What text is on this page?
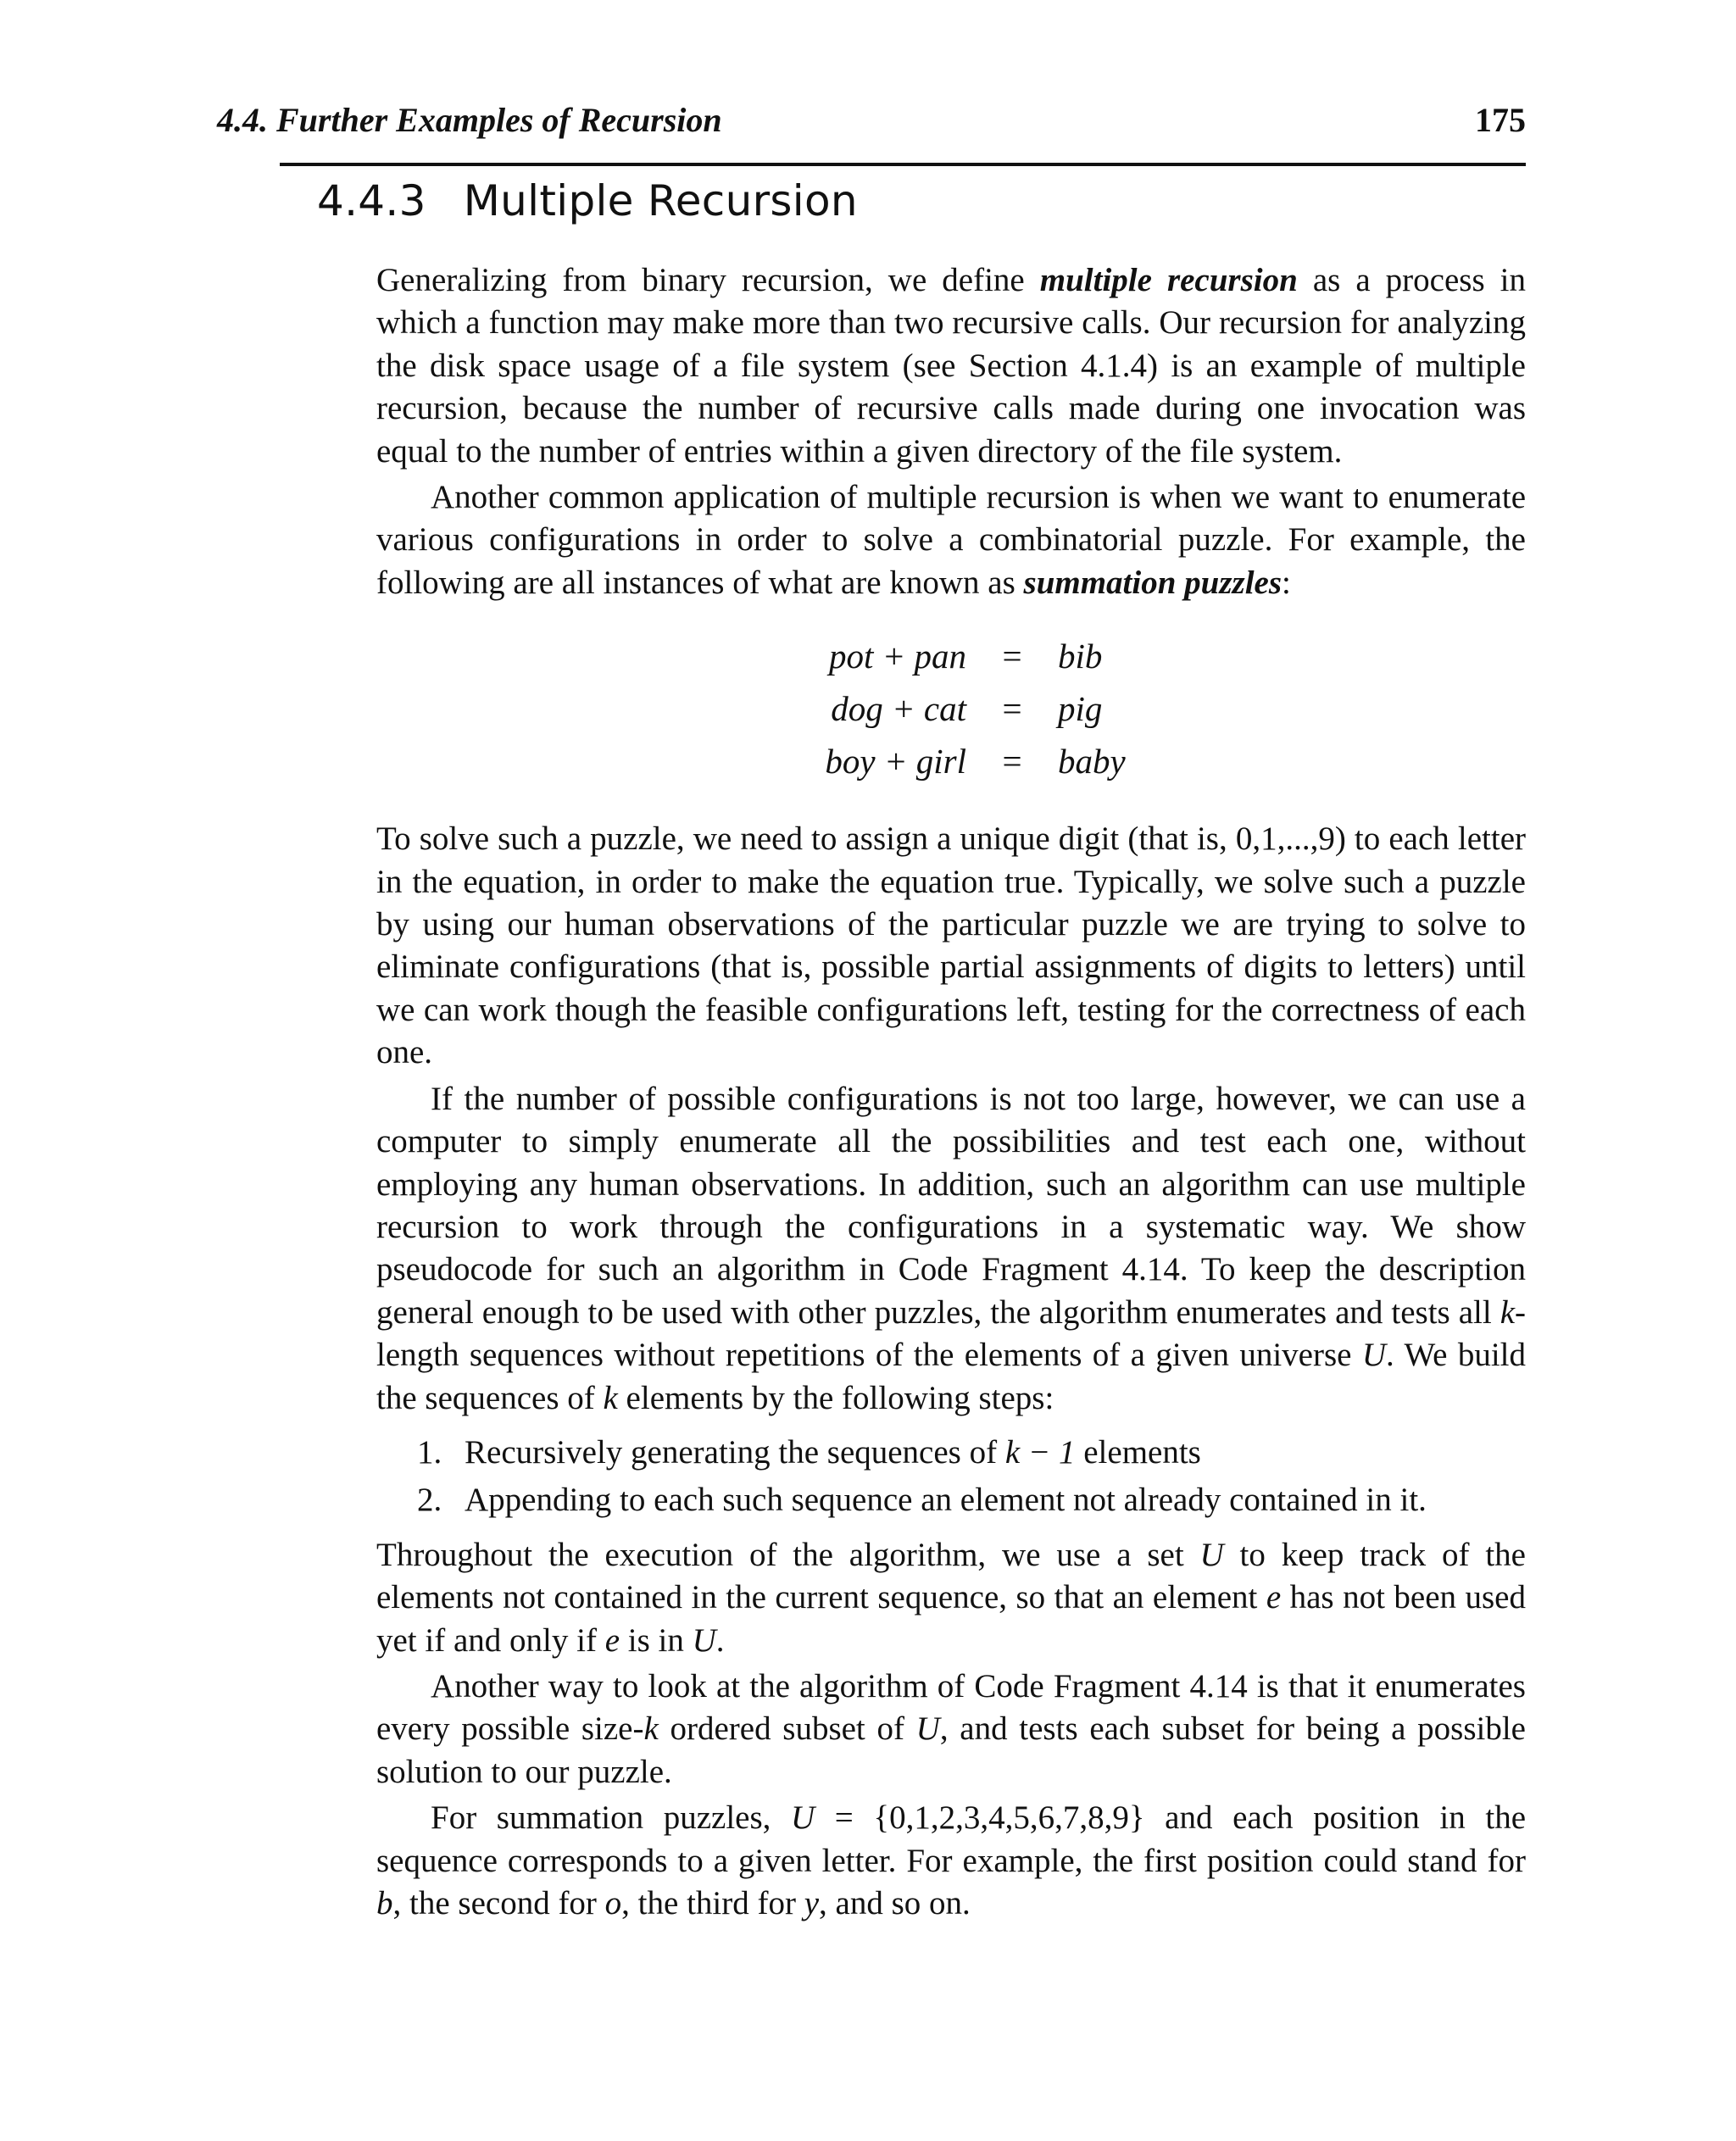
4.4. Further Examples of Recursion	175
4.4.3 Multiple Recursion

Generalizing from binary recursion, we define multiple recursion as a process in which a function may make more than two recursive calls. Our recursion for analyzing the disk space usage of a file system (see Section 4.1.4) is an example of multiple recursion, because the number of recursive calls made during one invocation was equal to the number of entries within a given directory of the file system.

Another common application of multiple recursion is when we want to enumerate various configurations in order to solve a combinatorial puzzle. For example, the following are all instances of what are known as summation puzzles:

pot + pan	=	bib
dog + cat	=	pig
boy + girl	=	baby

To solve such a puzzle, we need to assign a unique digit (that is, 0,1,...,9) to each letter in the equation, in order to make the equation true. Typically, we solve such a puzzle by using our human observations of the particular puzzle we are trying to solve to eliminate configurations (that is, possible partial assignments of digits to letters) until we can work though the feasible configurations left, testing for the correctness of each one.

If the number of possible configurations is not too large, however, we can use a computer to simply enumerate all the possibilities and test each one, without employing any human observations. In addition, such an algorithm can use multiple recursion to work through the configurations in a systematic way. We show pseudocode for such an algorithm in Code Fragment 4.14. To keep the description general enough to be used with other puzzles, the algorithm enumerates and tests all k-length sequences without repetitions of the elements of a given universe U. We build the sequences of k elements by the following steps:

1. Recursively generating the sequences of k − 1 elements
2. Appending to each such sequence an element not already contained in it.

Throughout the execution of the algorithm, we use a set U to keep track of the elements not contained in the current sequence, so that an element e has not been used yet if and only if e is in U.

Another way to look at the algorithm of Code Fragment 4.14 is that it enumerates every possible size-k ordered subset of U, and tests each subset for being a possible solution to our puzzle.

For summation puzzles, U = {0,1,2,3,4,5,6,7,8,9} and each position in the sequence corresponds to a given letter. For example, the first position could stand for b, the second for o, the third for y, and so on.
